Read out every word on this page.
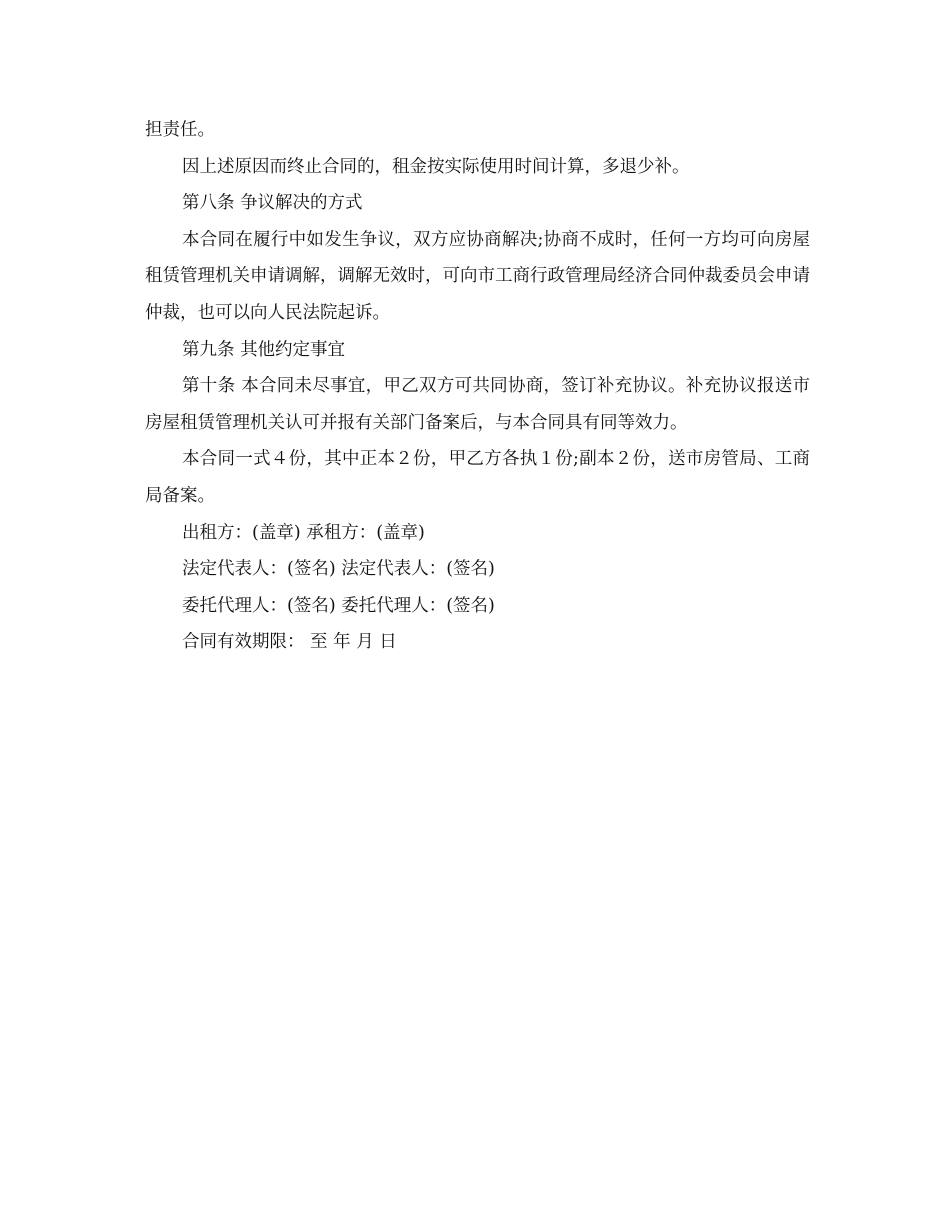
担责任。

因上述原因而终止合同的，租金按实际使用时间计算，多退少补。

第八条 争议解决的方式

本合同在履行中如发生争议，双方应协商解决;协商不成时，任何一方均可向房屋租赁管理机关申请调解，调解无效时，可向市工商行政管理局经济合同仲裁委员会申请仲裁，也可以向人民法院起诉。

第九条 其他约定事宜

第十条 本合同未尽事宜，甲乙双方可共同协商，签订补充协议。补充协议报送市房屋租赁管理机关认可并报有关部门备案后，与本合同具有同等效力。

本合同一式４份，其中正本２份，甲乙方各执１份;副本２份，送市房管局、工商局备案。

出租方：(盖章) 承租方：(盖章)

法定代表人：(签名) 法定代表人：(签名)

委托代理人：(签名) 委托代理人：(签名)

合同有效期限： 至 年 月 日
